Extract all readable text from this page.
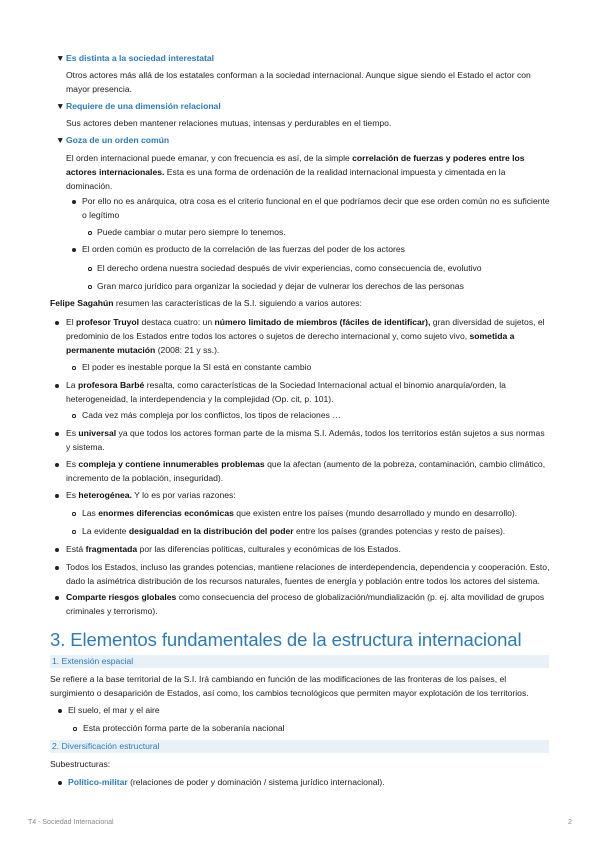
▼ Es distinta a la sociedad interestatal
Otros actores más allá de los estatales conforman a la sociedad internacional. Aunque sigue siendo el Estado el actor con
mayor presencia.
▼ Requiere de una dimensión relacional
Sus actores deben mantener relaciones mutuas, intensas y perdurables en el tiempo.
▼ Goza de un orden común
El orden internacional puede emanar, y con frecuencia es así, de la simple correlación de fuerzas y poderes entre los
actores internacionales. Esta es una forma de ordenación de la realidad internacional impuesta y cimentada en la
dominación.
Por ello no es anárquica, otra cosa es el criterio funcional en el que podríamos decir que ese orden común no es suficiente
o legítimo
Puede cambiar o mutar pero siempre lo tenemos.
El orden común es producto de la correlación de las fuerzas del poder de los actores
El derecho ordena nuestra sociedad después de vivir experiencias, como consecuencia de, evolutivo
Gran marco jurídico para organizar la sociedad y dejar de vulnerar los derechos de las personas
Felipe Sagahún resumen las características de la S.I. siguiendo a varios autores:
El profesor Truyol destaca cuatro: un número limitado de miembros (fáciles de identificar), gran diversidad de sujetos, el
predominio de los Estados entre todos los actores o sujetos de derecho internacional y, como sujeto vivo, sometida a
permanente mutación (2008: 21 y ss.).
El poder es inestable porque la SI está en constante cambio
La profesora Barbé resalta, como características de la Sociedad Internacional actual el binomio anarquía/orden, la
heterogeneidad, la interdependencia y la complejidad (Op. cit, p. 101).
Cada vez más compleja por los conflictos, los tipos de relaciones …
Es universal ya que todos los actores forman parte de la misma S.I. Además, todos los territorios están sujetos a sus normas
y sistema.
Es compleja y contiene innumerables problemas que la afectan (aumento de la pobreza, contaminación, cambio climático,
incremento de la población, inseguridad).
Es heterogénea. Y lo es por varias razones:
Las enormes diferencias económicas que existen entre los países (mundo desarrollado y mundo en desarrollo).
La evidente desigualdad en la distribución del poder entre los países (grandes potencias y resto de países).
Está fragmentada por las diferencias políticas, culturales y económicas de los Estados.
Todos los Estados, incluso las grandes potencias, mantiene relaciones de interdependencia, dependencia y cooperación. Esto,
dado la asimétrica distribución de los recursos naturales, fuentes de energía y población entre todos los actores del sistema.
Comparte riesgos globales como consecuencia del proceso de globalización/mundialización (p. ej. alta movilidad de grupos
criminales y terrorismo).
3. Elementos fundamentales de la estructura internacional
1. Extensión espacial
Se refiere a la base territorial de la S.I. Irá cambiando en función de las modificaciones de las fronteras de los países, el
surgimiento o desaparición de Estados, así como, los cambios tecnológicos que permiten mayor explotación de los territorios.
El suelo, el mar y el aire
Esta protección forma parte de la soberanía nacional
2. Diversificación estructural
Subestructuras:
Político-militar (relaciones de poder y dominación / sistema jurídico internacional).
T4 - Sociedad Internacional	2
